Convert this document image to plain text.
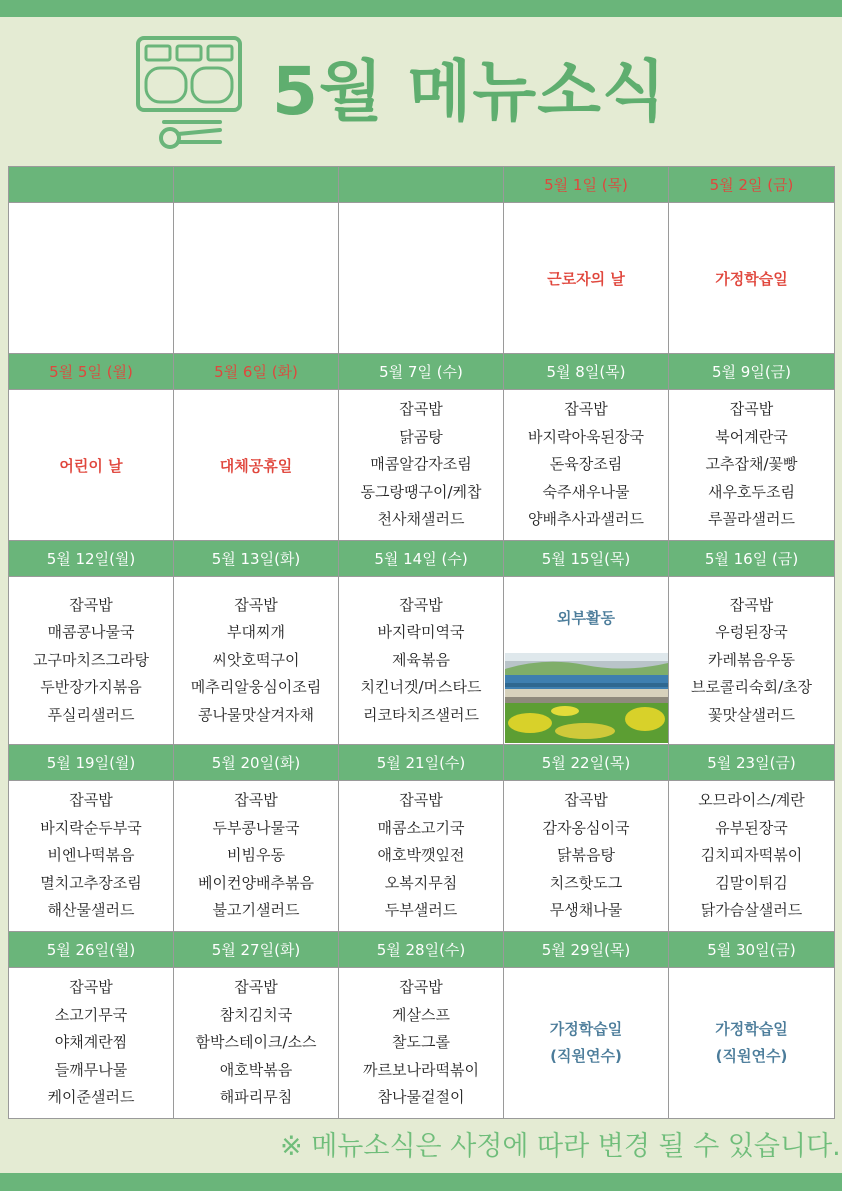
5월 메뉴소식
			5월 1일 (목)	5월 2일 (금)
			근로자의 날	가정학습일
5월 5일 (월)	5월 6일 (화)	5월 7일 (수)	5월 8일(목)	5월 9일(금)
어린이 날	대체공휴일	잡곡밥
닭곰탕
매콤알감자조림
동그랑땡구이/케찹
천사채샐러드	잡곡밥
바지락아욱된장국
돈육장조림
숙주새우나물
양배추사과샐러드	잡곡밥
북어계란국
고추잡채/꽃빵
새우호두조림
루꼴라샐러드

5월 12일(월)	5월 13일(화)	5월 14일 (수)	5월 15일(목)	5월 16일 (금)

잡곡밥
매콤콩나물국
고구마치즈그라탕
두반장가지볶음
푸실리샐러드	잡곡밥
부대찌개
씨앗호떡구이
메추리알웅심이조림
콩나물맛살겨자채	잡곡밥
바지락미역국
제육볶음
치킨너겟/머스타드
리코타치즈샐러드	외부활동	잡곡밥
우렁된장국
카레볶음우동
브로콜리숙회/초장
꽃맛살샐러드

5월 19일(월)	5월 20일(화)	5월 21일(수)	5월 22일(목)	5월 23일(금)

잡곡밥
바지락순두부국
비엔나떡볶음
멸치고추장조림
해산물샐러드	잡곡밥
두부콩나물국
비빔우동
베이컨양배추볶음
불고기샐러드	잡곡밥
매콤소고기국
애호박깻잎전
오복지무침
두부샐러드	잡곡밥
감자옹심이국
닭볶음탕
치즈핫도그
무생채나물	오므라이스/계란
유부된장국
김치피자떡볶이
김말이튀김
닭가슴살샐러드

5월 26일(월)	5월 27일(화)	5월 28일(수)	5월 29일(목)	5월 30일(금)

잡곡밥
소고기무국
야채계란찜
들깨무나물
케이준샐러드	잡곡밥
참치김치국
함박스테이크/소스
애호박볶음
해파리무침	잡곡밥
게살스프
찰도그롤
까르보나라떡볶이
참나물겉절이	가정학습일
(직원연수)	가정학습일
(직원연수)
※ 메뉴소식은 사정에 따라 변경 될 수 있습니다.
